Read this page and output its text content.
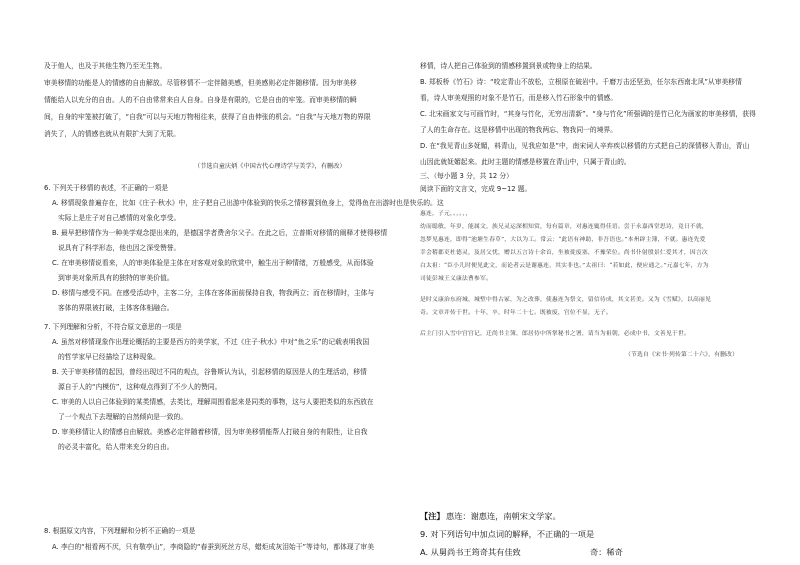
及于他人，也及于其他生物乃至无生物。
审美移情的功能是人的情感的自由解放。尽管移情不一定伴随美感，但美感则必定伴随移情。因为审美移
情能给人以充分的自由。人的不自由常常来自人自身。自身是有限的，它是自由的牢笼。而审美移情的瞬
间，自身的牢笼被打破了，“自我”可以与天地万物相往来，获得了自由伸张的机会。“自我”与天地万物的界限
消失了，人的情感也就从有限扩大到了无限。
（节选自童庆炳《中国古代心理诗学与美学》，有删改）
6. 下列关于移情的表述，不正确的一项是
A. 移情现象普遍存在，比如《庄子·秋水》中，庄子把自己出游中体验到的快乐之情移置到鱼身上，觉得鱼在出游时也是快乐的。这
实际上是庄子对自己感情的对象化享受。
B. 最早把移情作为一种美学观念提出来的，是德国学者费舍尔父子。在此之后，立普斯对移情的阐释才使得移情
说具有了科学形态，他也因之深受赞誉。
C. 在审美移情说看来，人的审美体验是主体在对客观对象的欣赏中，触生出于种情绪，万般感受，从而体验
到审美对象所具有的独特的审美价值。
D. 移情与感受不同。在感受活动中，主客二分，主体在客体面前保持自我，物我两立；而在移情时，主体与
客体的界限被打破，主体客体相融合。
7. 下列理解和分析，不符合原文意思的一项是
A. 虽然对移情现象作出理论概括的主要是西方的美学家，不过《庄子·秋水》中对“鱼之乐”的记载表明我国
的哲学家早已经描绘了这种现象。
B. 关于审美移情的起因，曾经出现过不同的观点，谷鲁斯认为认，引起移情的原因是人的生理活动，移情
源自于人的“内模仿”，这种观点得到了不少人的赞同。
C. 审美的人以自己体验到的某类情感，去类比，理解周围看起来是同类的事物，这与人要把类似的东西放在
了一个观点下去理解的自然倾向是一致的。
D. 审美移情让人的情感自由解放。美感必定伴随着移情，因为审美移情能帮人打破自身的有限性，让自我
的必灵丰富化，给人带来充分的自由。
8. 根据原文内容，下列理解和分析不正确的一项是
A. 李白的“相看两不厌，只有敬亭山”，李商隐的“春蚕到死丝方尽，蜡炬成灰泪始干”等诗句，都体现了审美
移情，诗人把自己体验到的情感移置到景或物身上的结果。
B. 郑板桥《竹石》诗：“咬定青山不放松，立根原在破岩中。千磨万击还坚劲，任尔东西南北风”从审美移情
看，诗人审美观照的对象不是竹石，而是移入竹石形象中的情感。
C. 北宋画家文与可画竹时，“其身与竹化，无穷出清新”。“身与竹化”所强调的是竹已化为画家的审美移情，获得
了人的生命存在。这是移情中出现的物我两忘、物我同一的境界。
D. 在“我见青山多妩媚，料青山，见我应如是”中，南宋词人辛弃疾以移情的方式把自己的深情移入青山，青山
山因此就妩媚起来。此时主题的情感是移置在青山中，只属于青山的。
三、（每小题 3 分，共 12 分）
阅读下面的文言文，完成 9~12 题。
惠连，子元，。，。，，
幼而聪敏，年岁，能属文，族兄灵运深相知赏，每有篇章，对惠连辄得佳语。尝于永嘉西堂思诗，竟日不就，
忽梦见惠连，即得“池塘生春草”，大以为工。常云：“此语有神助，非吾语也。”本州辟主簿，不就。惠连先爱
幸会稽郡吏杜德灵，及居父忧，赠以五言诗十余首，坐被徙废塞，不豫荣位。尚书仆射殷景仁爱其才，因言次
白太祖：“臣小儿时便见此文，而论者云是谢惠连，其实非也。”太祖曰：“若如此，便应通之。”元嘉七年，方为
司徒彭城王义康法曹参军。
是时义康治东府城，城堑中得古冢，为之改葬，使惠连为祭文，留信待成，其文甚美。又为《雪赋》，以高丽见
奇。文章并传于世。十年，卒，时年二十七。既被废，官位不显，无子。
后主门引入雪中宫宫记，迁尚书主簿，郎居侍中所掌秘书之署，请当为祖朝，必成中书，文善见于世。
（节选自《宋书·列传第二十六》，有删改）
【注】 惠连：谢惠连，南朝宋文学家。
9. 对下列语句中加点词的解释，不正确的一项是
A. 从舅尚书王筠奇其有佳致	奇：稀奇
